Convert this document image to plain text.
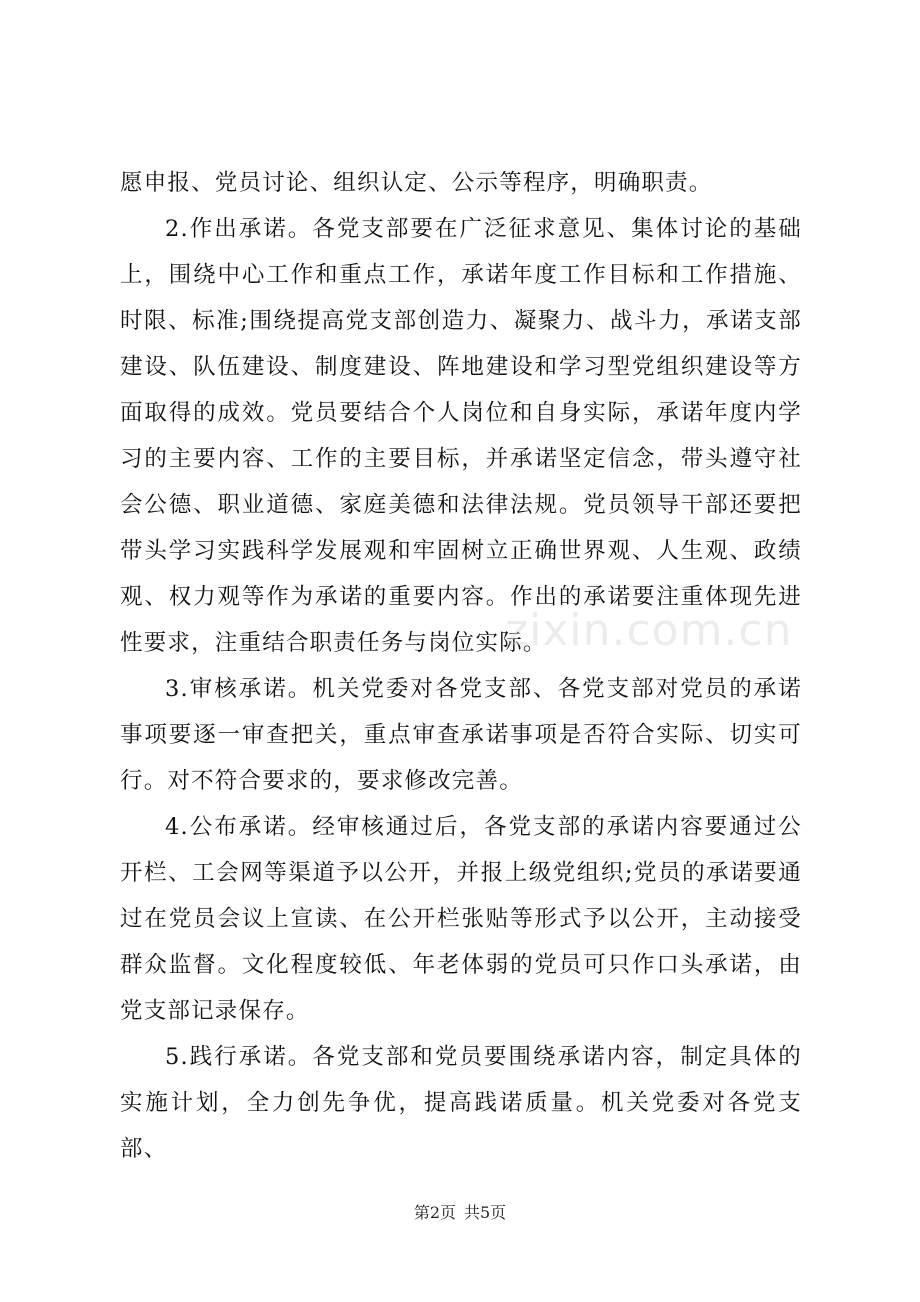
愿申报、党员讨论、组织认定、公示等程序，明确职责。

2.作出承诺。各党支部要在广泛征求意见、集体讨论的基础上，围绕中心工作和重点工作，承诺年度工作目标和工作措施、时限、标准;围绕提高党支部创造力、凝聚力、战斗力，承诺支部建设、队伍建设、制度建设、阵地建设和学习型党组织建设等方面取得的成效。党员要结合个人岗位和自身实际，承诺年度内学习的主要内容、工作的主要目标，并承诺坚定信念，带头遵守社会公德、职业道德、家庭美德和法律法规。党员领导干部还要把带头学习实践科学发展观和牢固树立正确世界观、人生观、政绩观、权力观等作为承诺的重要内容。作出的承诺要注重体现先进性要求，注重结合职责任务与岗位实际。

3.审核承诺。机关党委对各党支部、各党支部对党员的承诺事项要逐一审查把关，重点审查承诺事项是否符合实际、切实可行。对不符合要求的，要求修改完善。

4.公布承诺。经审核通过后，各党支部的承诺内容要通过公开栏、工会网等渠道予以公开，并报上级党组织;党员的承诺要通过在党员会议上宣读、在公开栏张贴等形式予以公开，主动接受群众监督。文化程度较低、年老体弱的党员可只作口头承诺，由党支部记录保存。

5.践行承诺。各党支部和党员要围绕承诺内容，制定具体的实施计划，全力创先争优，提高践诺质量。机关党委对各党支部、

zixin.com.cn
第2页 共5页
